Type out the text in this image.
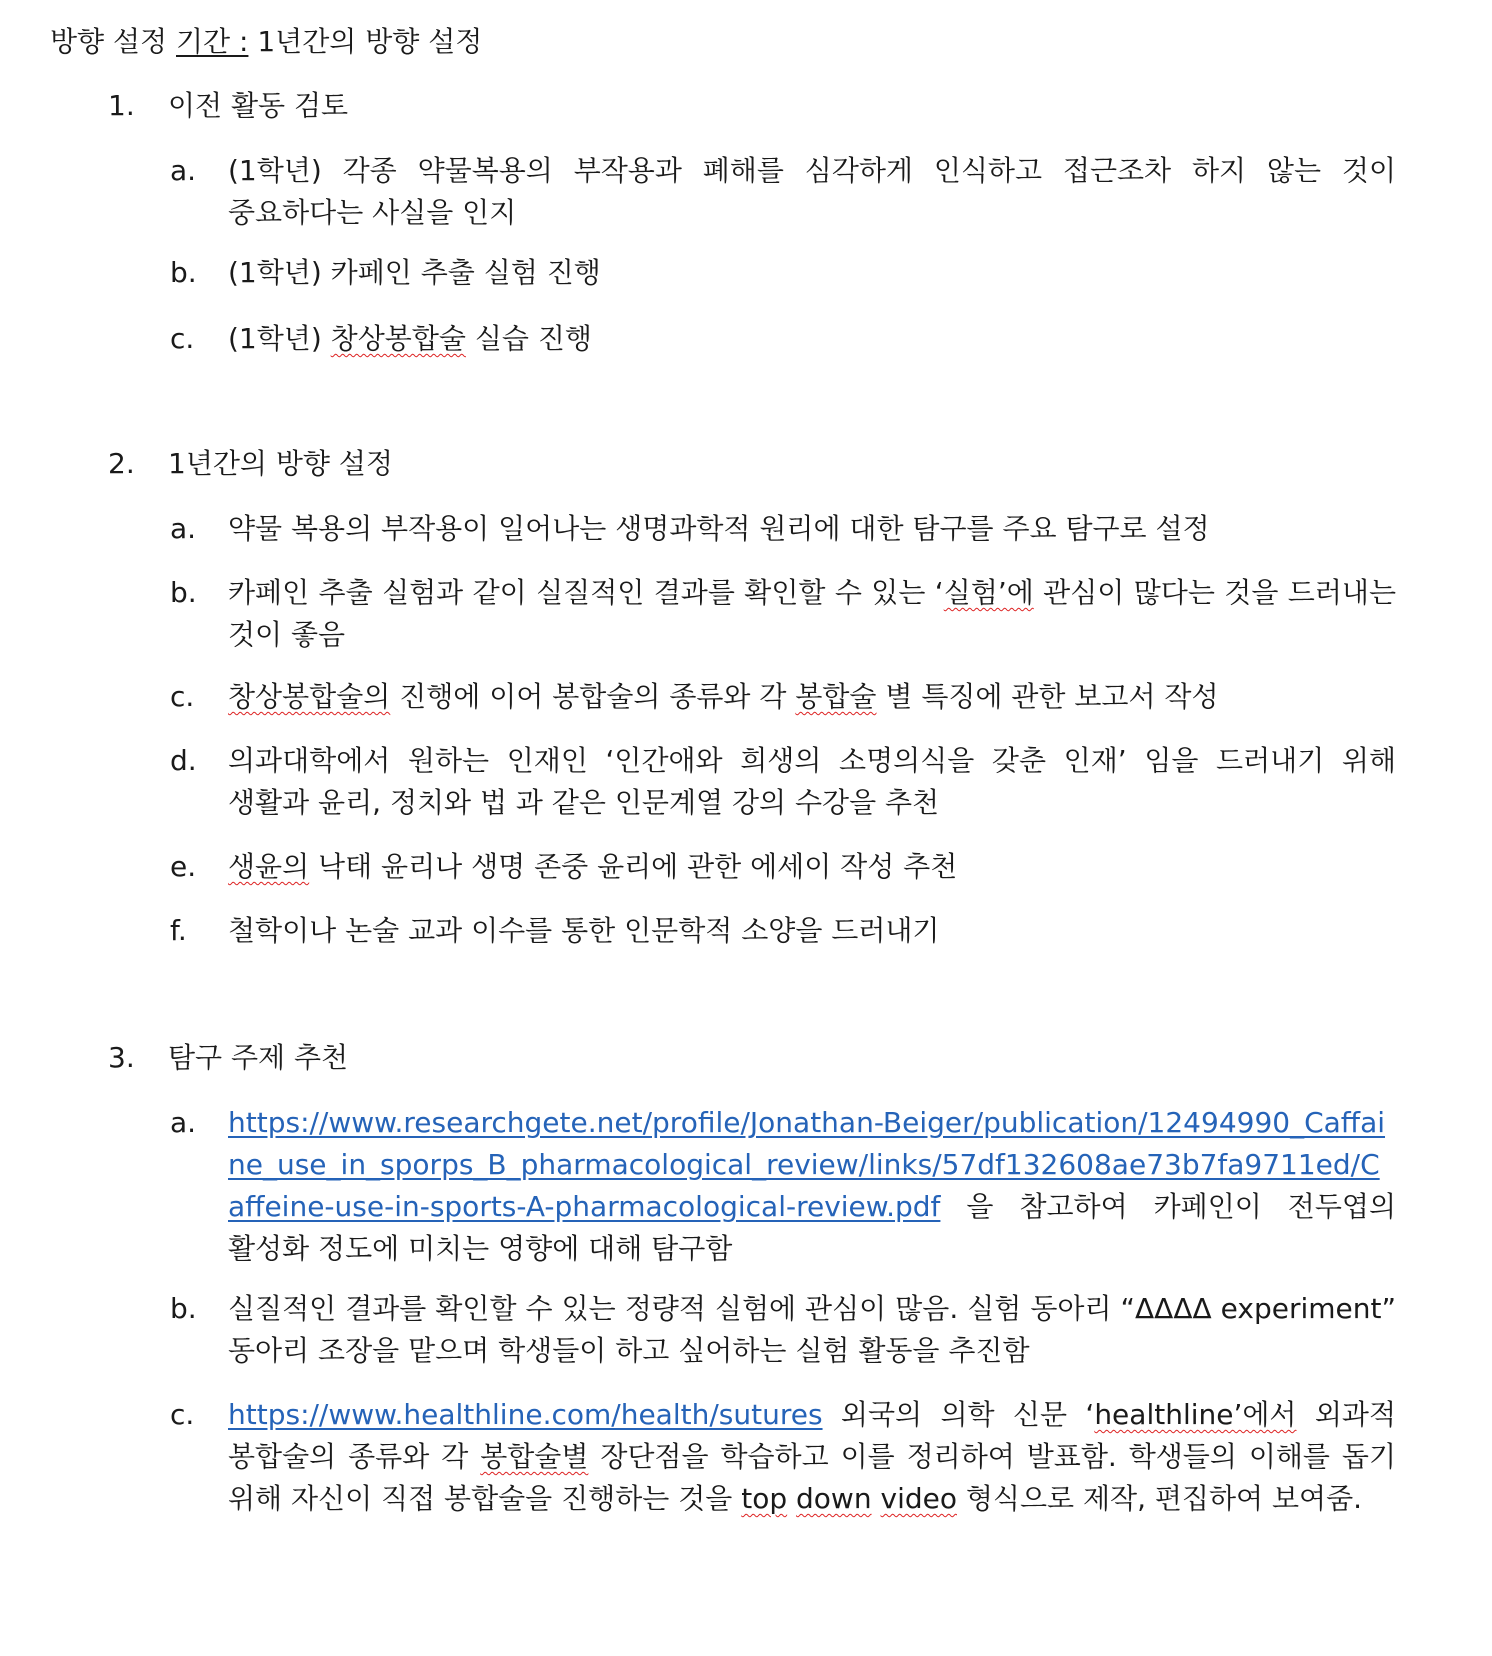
방향 설정 기간 : 1년간의 방향 설정
1. 이전 활동 검토
a.	(1학년) 각종 약물복용의 부작용과 폐해를 심각하게 인식하고 접근조차 하지 않는 것이 중요하다는 사실을 인지
b.	(1학년) 카페인 추출 실험 진행
c.	(1학년) 창상봉합술 실습 진행
2. 1년간의 방향 설정
a.	약물 복용의 부작용이 일어나는 생명과학적 원리에 대한 탐구를 주요 탐구로 설정
b.	카페인 추출 실험과 같이 실질적인 결과를 확인할 수 있는 ‘실험’에 관심이 많다는 것을 드러내는 것이 좋음
c.	창상봉합술의 진행에 이어 봉합술의 종류와 각 봉합술 별 특징에 관한 보고서 작성
d.	의과대학에서 원하는 인재인 ‘인간애와 희생의 소명의식을 갖춘 인재’ 임을 드러내기 위해 생활과 윤리, 정치와 법 과 같은 인문계열 강의 수강을 추천
e.	생윤의 낙태 윤리나 생명 존중 윤리에 관한 에세이 작성 추천
f.	철학이나 논술 교과 이수를 통한 인문학적 소양을 드러내기
3. 탐구 주제 추천
a.	https://www.researchgete.net/profile/Jonathan-Beiger/publication/12494990_Caffaine_use_in_sporps_B_pharmacological_review/links/57df132608ae73b7fa9711ed/Caffeine-use-in-sports-A-pharmacological-review.pdf 을 참고하여 카페인이 전두엽의 활성화 정도에 미치는 영향에 대해 탐구함
b.	실질적인 결과를 확인할 수 있는 정량적 실험에 관심이 많음. 실험 동아리 “ΔΔΔΔ experiment” 동아리 조장을 맡으며 학생들이 하고 싶어하는 실험 활동을 추진함
c.	https://www.healthline.com/health/sutures 외국의 의학 신문 ‘healthline’에서 외과적 봉합술의 종류와 각 봉합술별 장단점을 학습하고 이를 정리하여 발표함. 학생들의 이해를 돕기 위해 자신이 직접 봉합술을 진행하는 것을 top down video 형식으로 제작, 편집하여 보여줌.
